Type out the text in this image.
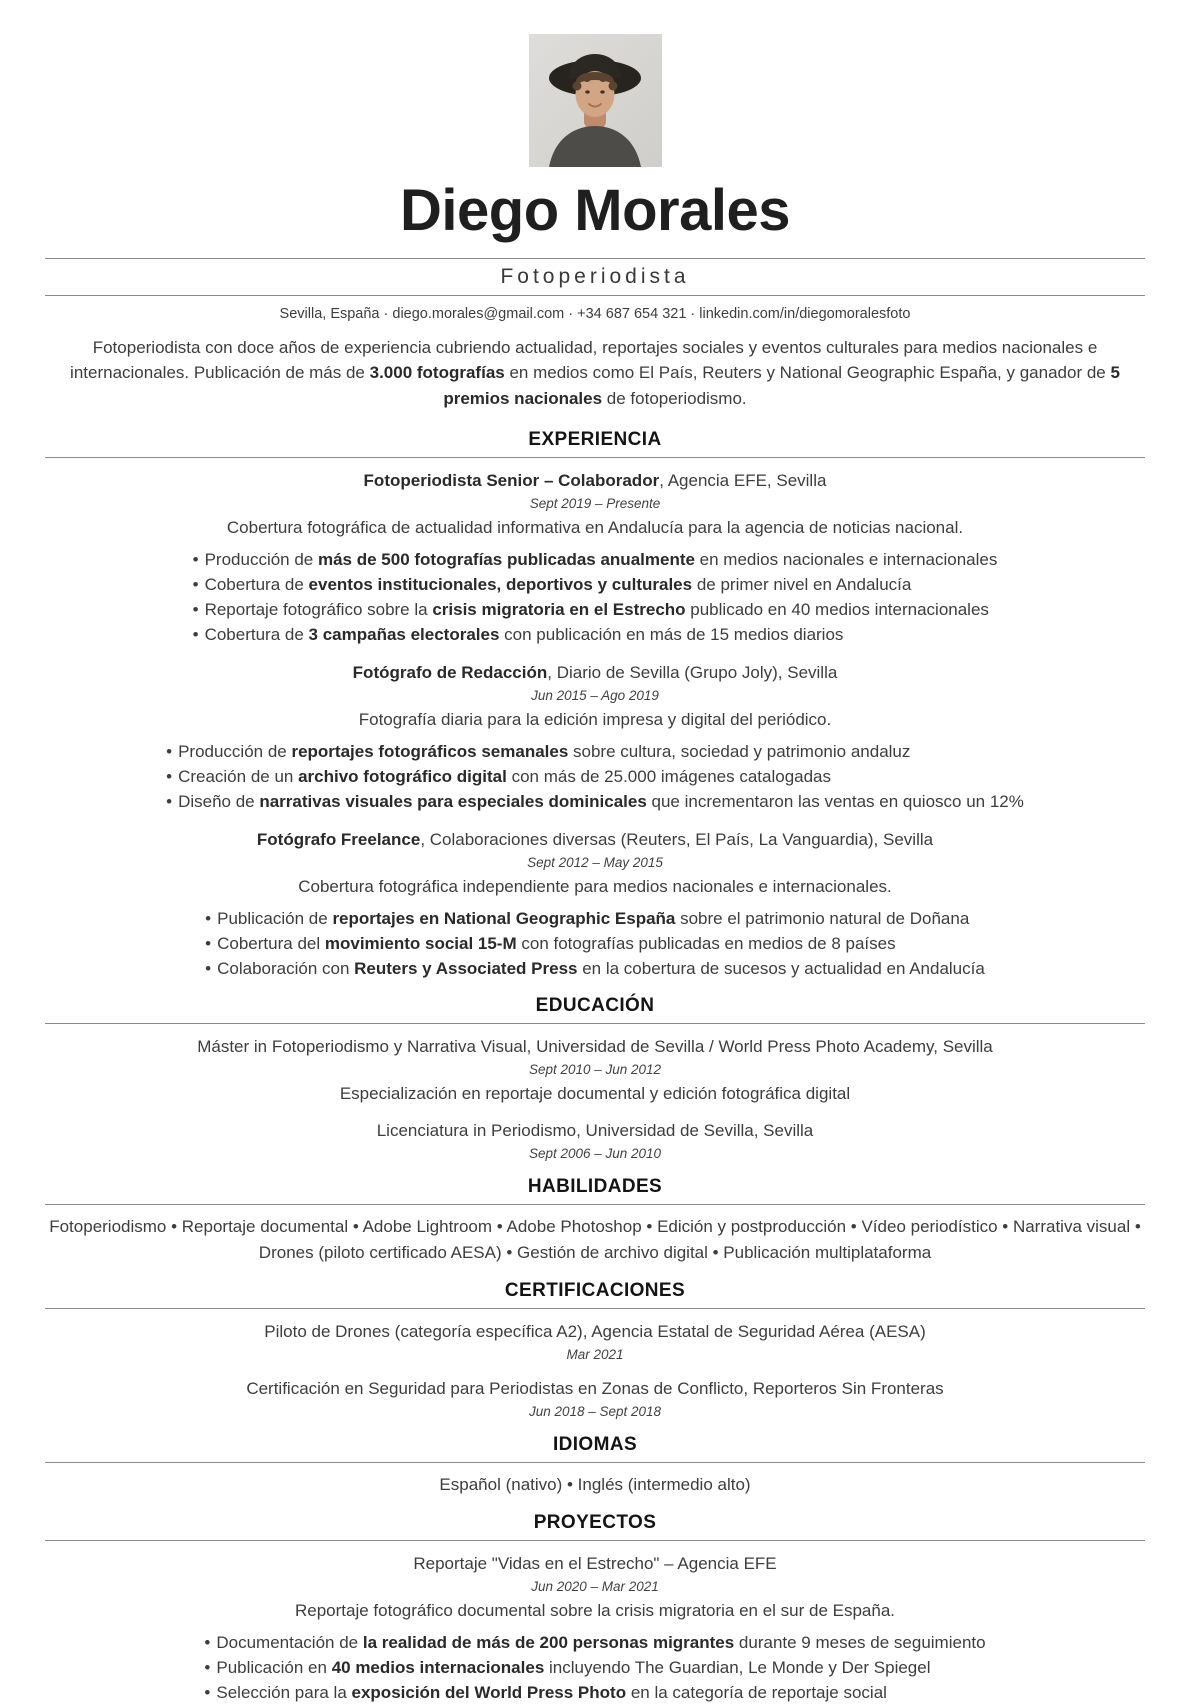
Diego Morales
Fotoperiodista
Sevilla, España · diego.morales@gmail.com · +34 687 654 321 · linkedin.com/in/diegomoralesfoto

Fotoperiodista con doce años de experiencia cubriendo actualidad, reportajes sociales y eventos culturales para medios nacionales e internacionales. Publicación de más de 3.000 fotografías en medios como El País, Reuters y National Geographic España, y ganador de 5 premios nacionales de fotoperiodismo.

EXPERIENCIA

Fotoperiodista Senior – Colaborador, Agencia EFE, Sevilla

Sept 2019 – Presente

Cobertura fotográfica de actualidad informativa en Andalucía para la agencia de noticias nacional.

• Producción de más de 500 fotografías publicadas anualmente en medios nacionales e internacionales
• Cobertura de eventos institucionales, deportivos y culturales de primer nivel en Andalucía
• Reportaje fotográfico sobre la crisis migratoria en el Estrecho publicado en 40 medios internacionales
• Cobertura de 3 campañas electorales con publicación en más de 15 medios diarios

Fotógrafo de Redacción, Diario de Sevilla (Grupo Joly), Sevilla

Jun 2015 – Ago 2019

Fotografía diaria para la edición impresa y digital del periódico.

• Producción de reportajes fotográficos semanales sobre cultura, sociedad y patrimonio andaluz
• Creación de un archivo fotográfico digital con más de 25.000 imágenes catalogadas
• Diseño de narrativas visuales para especiales dominicales que incrementaron las ventas en quiosco un 12%

Fotógrafo Freelance, Colaboraciones diversas (Reuters, El País, La Vanguardia), Sevilla

Sept 2012 – May 2015

Cobertura fotográfica independiente para medios nacionales e internacionales.

• Publicación de reportajes en National Geographic España sobre el patrimonio natural de Doñana
• Cobertura del movimiento social 15-M con fotografías publicadas en medios de 8 países
• Colaboración con Reuters y Associated Press en la cobertura de sucesos y actualidad en Andalucía
EDUCACIÓN

Máster in Fotoperiodismo y Narrativa Visual, Universidad de Sevilla / World Press Photo Academy, Sevilla

Sept 2010 – Jun 2012

Especialización en reportaje documental y edición fotográfica digital

Licenciatura in Periodismo, Universidad de Sevilla, Sevilla

Sept 2006 – Jun 2010

HABILIDADES

Fotoperiodismo • Reportaje documental • Adobe Lightroom • Adobe Photoshop • Edición y postproducción • Vídeo periodístico • Narrativa visual • Drones (piloto certificado AESA) • Gestión de archivo digital • Publicación multiplataforma

CERTIFICACIONES

Piloto de Drones (categoría específica A2), Agencia Estatal de Seguridad Aérea (AESA)

Mar 2021

Certificación en Seguridad para Periodistas en Zonas de Conflicto, Reporteros Sin Fronteras

Jun 2018 – Sept 2018

IDIOMAS

Español (nativo) • Inglés (intermedio alto)

PROYECTOS

Reportaje "Vidas en el Estrecho" – Agencia EFE

Jun 2020 – Mar 2021

Reportaje fotográfico documental sobre la crisis migratoria en el sur de España.

• Documentación de la realidad de más de 200 personas migrantes durante 9 meses de seguimiento
• Publicación en 40 medios internacionales incluyendo The Guardian, Le Monde y Der Spiegel
• Selección para la exposición del World Press Photo en la categoría de reportaje social
